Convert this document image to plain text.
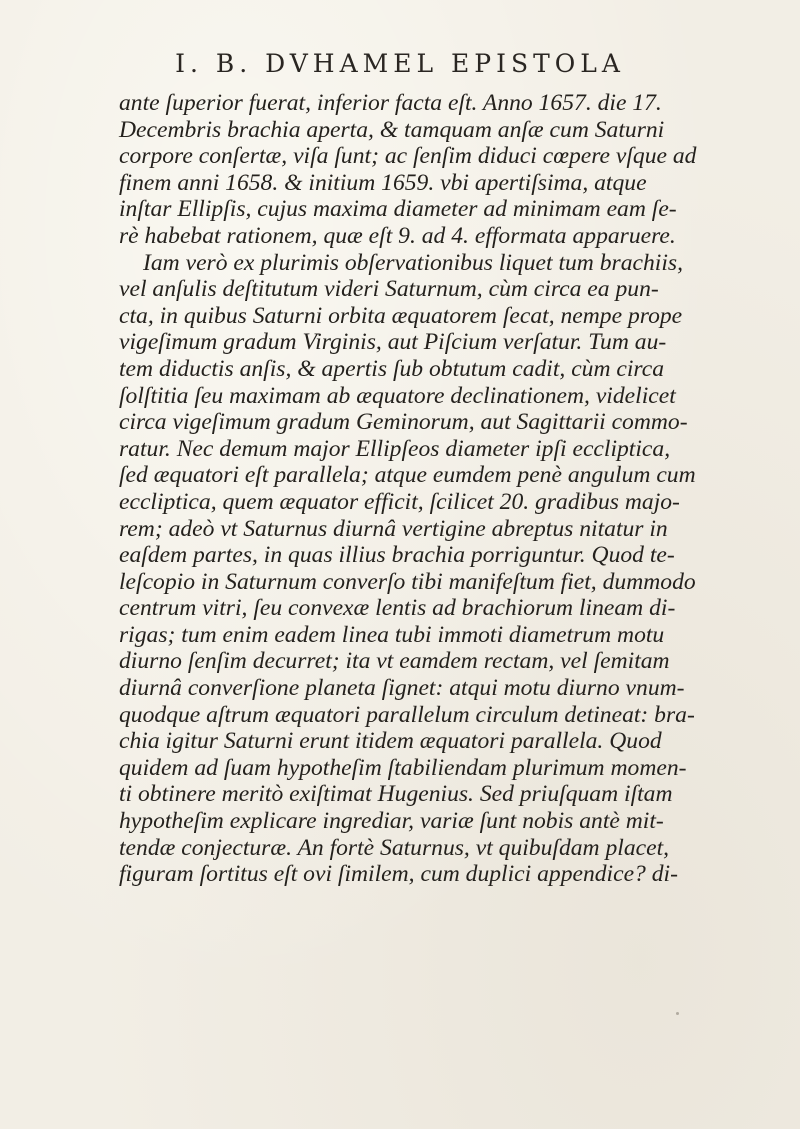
I. B. DVHAMEL EPISTOLA
ante ſuperior fuerat, inferior facta eſt. Anno 1657. die 17.
Decembris brachia aperta, & tamquam anſæ cum Saturni
corpore conſertæ, viſa ſunt; ac ſenſim diduci cœpere vſque ad
finem anni 1658. & initium 1659. vbi apertiſsima, atque
inſtar Ellipſis, cujus maxima diameter ad minimam eam ſe-
rè habebat rationem, quæ eſt 9. ad 4. efformata apparuere.
Iam verò ex plurimis obſervationibus liquet tum brachiis,
vel anſulis deſtitutum videri Saturnum, cùm circa ea pun-
cta, in quibus Saturni orbita æquatorem ſecat, nempe prope
vigeſimum gradum Virginis, aut Piſcium verſatur. Tum au-
tem diductis anſis, & apertis ſub obtutum cadit, cùm circa
ſolſtitia ſeu maximam ab æquatore declinationem, videlicet
circa vigeſimum gradum Geminorum, aut Sagittarii commo-
ratur. Nec demum major Ellipſeos diameter ipſi eccliptica,
ſed æquatori eſt parallela; atque eumdem penè angulum cum
eccliptica, quem æquator efficit, ſcilicet 20. gradibus majo-
rem; adeò vt Saturnus diurnâ vertigine abreptus nitatur in
eaſdem partes, in quas illius brachia porriguntur. Quod te-
leſcopio in Saturnum converſo tibi manifeſtum fiet, dummodo
centrum vitri, ſeu convexæ lentis ad brachiorum lineam di-
rigas; tum enim eadem linea tubi immoti diametrum motu
diurno ſenſim decurret; ita vt eamdem rectam, vel ſemitam
diurnâ converſione planeta ſignet: atqui motu diurno vnum-
quodque aſtrum æquatori parallelum circulum detineat: bra-
chia igitur Saturni erunt itidem æquatori parallela. Quod
quidem ad ſuam hypotheſim ſtabiliendam plurimum momen-
ti obtinere meritò exiſtimat Hugenius. Sed priuſquam iſtam
hypotheſim explicare ingrediar, variæ ſunt nobis antè mit-
tendæ conjecturæ. An fortè Saturnus, vt quibuſdam placet,
figuram ſortitus eſt ovi ſimilem, cum duplici appendice? di-
